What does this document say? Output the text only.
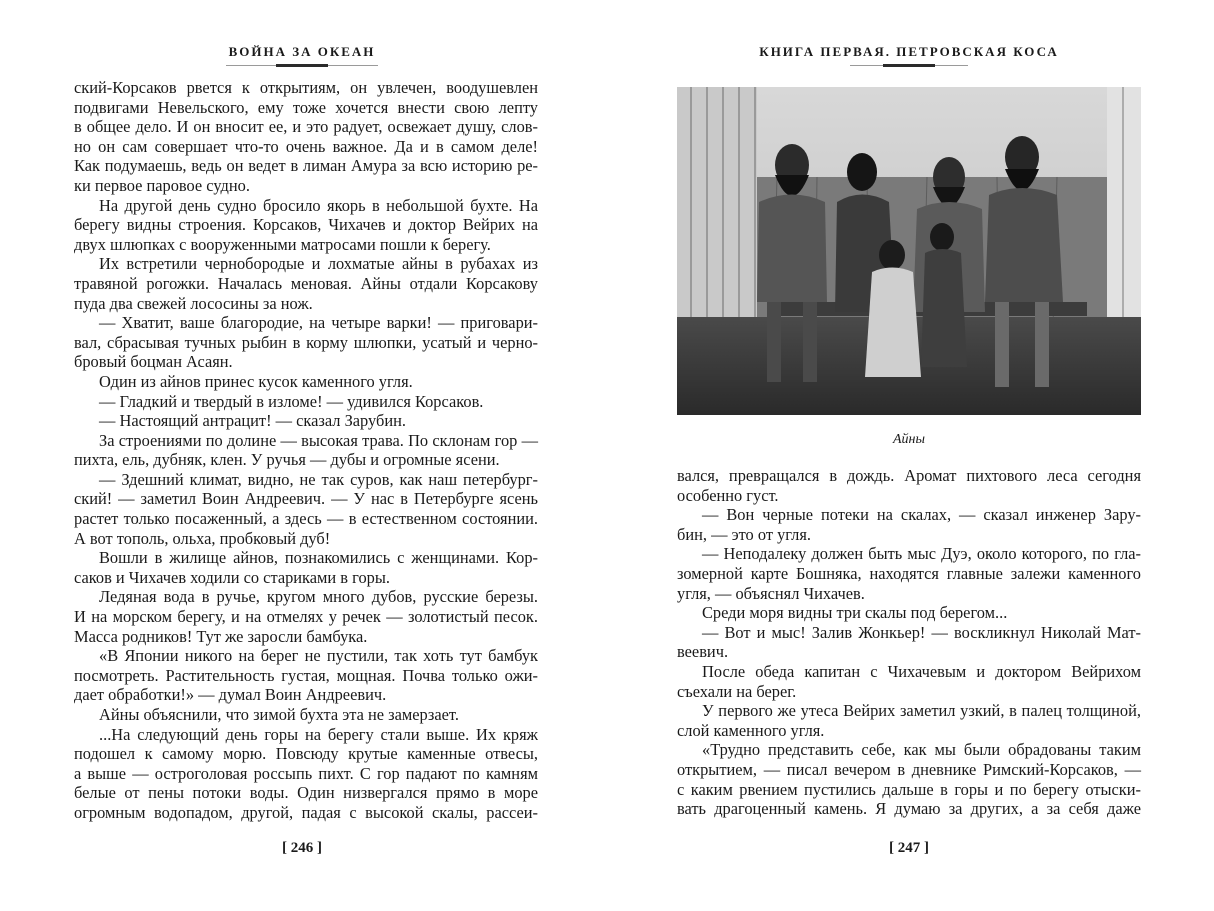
ВОЙНА ЗА ОКЕАН

ский-Корсаков рвется к открытиям, он увлечен, воодушевлен

подвигами Невельского, ему тоже хочется внести свою лепту

в общее дело. И он вносит ее, и это радует, освежает душу, слов-

но он сам совершает что-то очень важное. Да и в самом деле!

Как подумаешь, ведь он ведет в лиман Амура за всю историю ре-

ки первое паровое судно.

На другой день судно бросило якорь в небольшой бухте. На

берегу видны строения. Корсаков, Чихачев и доктор Вейрих на

двух шлюпках с вооруженными матросами пошли к берегу.

Их встретили чернобородые и лохматые айны в рубахах из

травяной рогожки. Началась меновая. Айны отдали Корсакову

пуда два свежей лососины за нож.

— Хватит, ваше благородие, на четыре варки! — приговари-

вал, сбрасывая тучных рыбин в корму шлюпки, усатый и черно-

бровый боцман Асаян.

Один из айнов принес кусок каменного угля.

— Гладкий и твердый в изломе! — удивился Корсаков.

— Настоящий антрацит! — сказал Зарубин.

За строениями по долине — высокая трава. По склонам гор —

пихта, ель, дубняк, клен. У ручья — дубы и огромные ясени.

— Здешний климат, видно, не так суров, как наш петербург-

ский! — заметил Воин Андреевич. — У нас в Петербурге ясень

растет только посаженный, а здесь — в естественном состоянии.

А вот тополь, ольха, пробковый дуб!

Вошли в жилище айнов, познакомились с женщинами. Кор-

саков и Чихачев ходили со стариками в горы.

Ледяная вода в ручье, кругом много дубов, русские березы.

И на морском берегу, и на отмелях у речек — золотистый песок.

Масса родников! Тут же заросли бамбука.

«В Японии никого на берег не пустили, так хоть тут бамбук

посмотреть. Растительность густая, мощная. Почва только ожи-

дает обработки!» — думал Воин Андреевич.

Айны объяснили, что зимой бухта эта не замерзает.

...На следующий день горы на берегу стали выше. Их кряж

подошел к самому морю. Повсюду крутые каменные отвесы,

а выше — остроголовая россыпь пихт. С гор падают по камням

белые от пены потоки воды. Один низвергался прямо в море

огромным водопадом, другой, падая с высокой скалы, рассеи-

[ 246 ]
КНИГА ПЕРВАЯ. ПЕТРОВСКАЯ КОСА
Айны

вался, превращался в дождь. Аромат пихтового леса сегодня

особенно густ.

— Вон черные потеки на скалах, — сказал инженер Зару-

бин, — это от угля.

— Неподалеку должен быть мыс Дуэ, около которого, по гла-

зомерной карте Бошняка, находятся главные залежи каменного

угля, — объяснял Чихачев.

Среди моря видны три скалы под берегом...

— Вот и мыс! Залив Жонкьер! — воскликнул Николай Мат-

веевич.

После обеда капитан с Чихачевым и доктором Вейрихом

съехали на берег.

У первого же утеса Вейрих заметил узкий, в палец толщиной,

слой каменного угля.

«Трудно представить себе, как мы были обрадованы таким

открытием, — писал вечером в дневнике Римский-Корсаков, —

с каким рвением пустились дальше в горы и по берегу отыски-

вать драгоценный камень. Я думаю за других, а за себя даже

[ 247 ]
